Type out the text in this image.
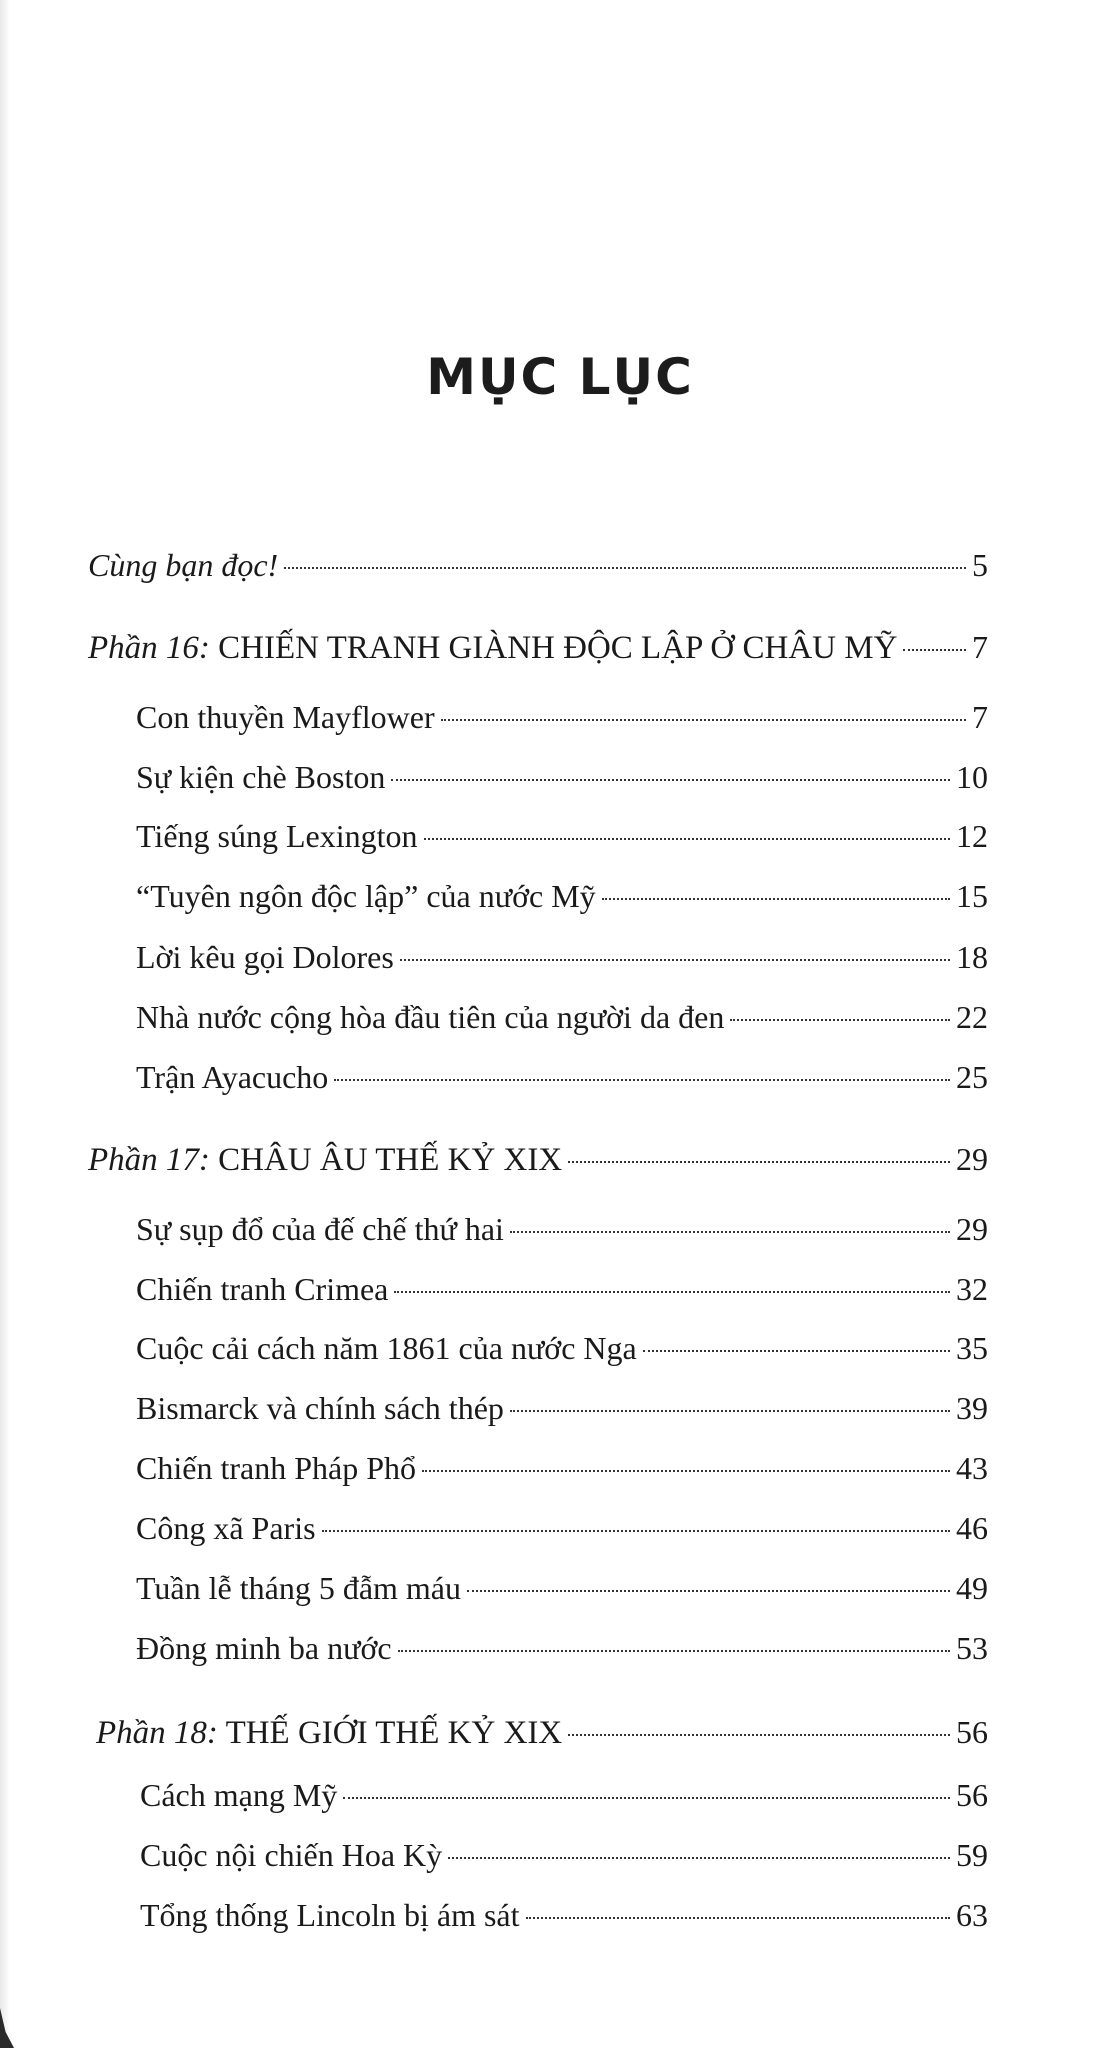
MỤC LỤC
Cùng bạn đọc!	5
Phần 16: CHIẾN TRANH GIÀNH ĐỘC LẬP Ở CHÂU MỸ 7
Con thuyền Mayflower	7
Sự kiện chè Boston	10
Tiếng súng Lexington	12
“Tuyên ngôn độc lập” của nước Mỹ	15
Lời kêu gọi Dolores	18
Nhà nước cộng hòa đầu tiên của người da đen	22
Trận Ayacucho	25
Phần 17: CHÂU ÂU THẾ KỶ XIX	29
Sự sụp đổ của đế chế thứ hai	29
Chiến tranh Crimea	32
Cuộc cải cách năm 1861 của nước Nga	35
Bismarck và chính sách thép	39
Chiến tranh Pháp Phổ	43
Công xã Paris	46
Tuần lễ tháng 5 đẫm máu	49
Đồng minh ba nước	53
Phần 18: THẾ GIỚI THẾ KỶ XIX	56
Cách mạng Mỹ	56
Cuộc nội chiến Hoa Kỳ	59
Tổng thống Lincoln bị ám sát	63
